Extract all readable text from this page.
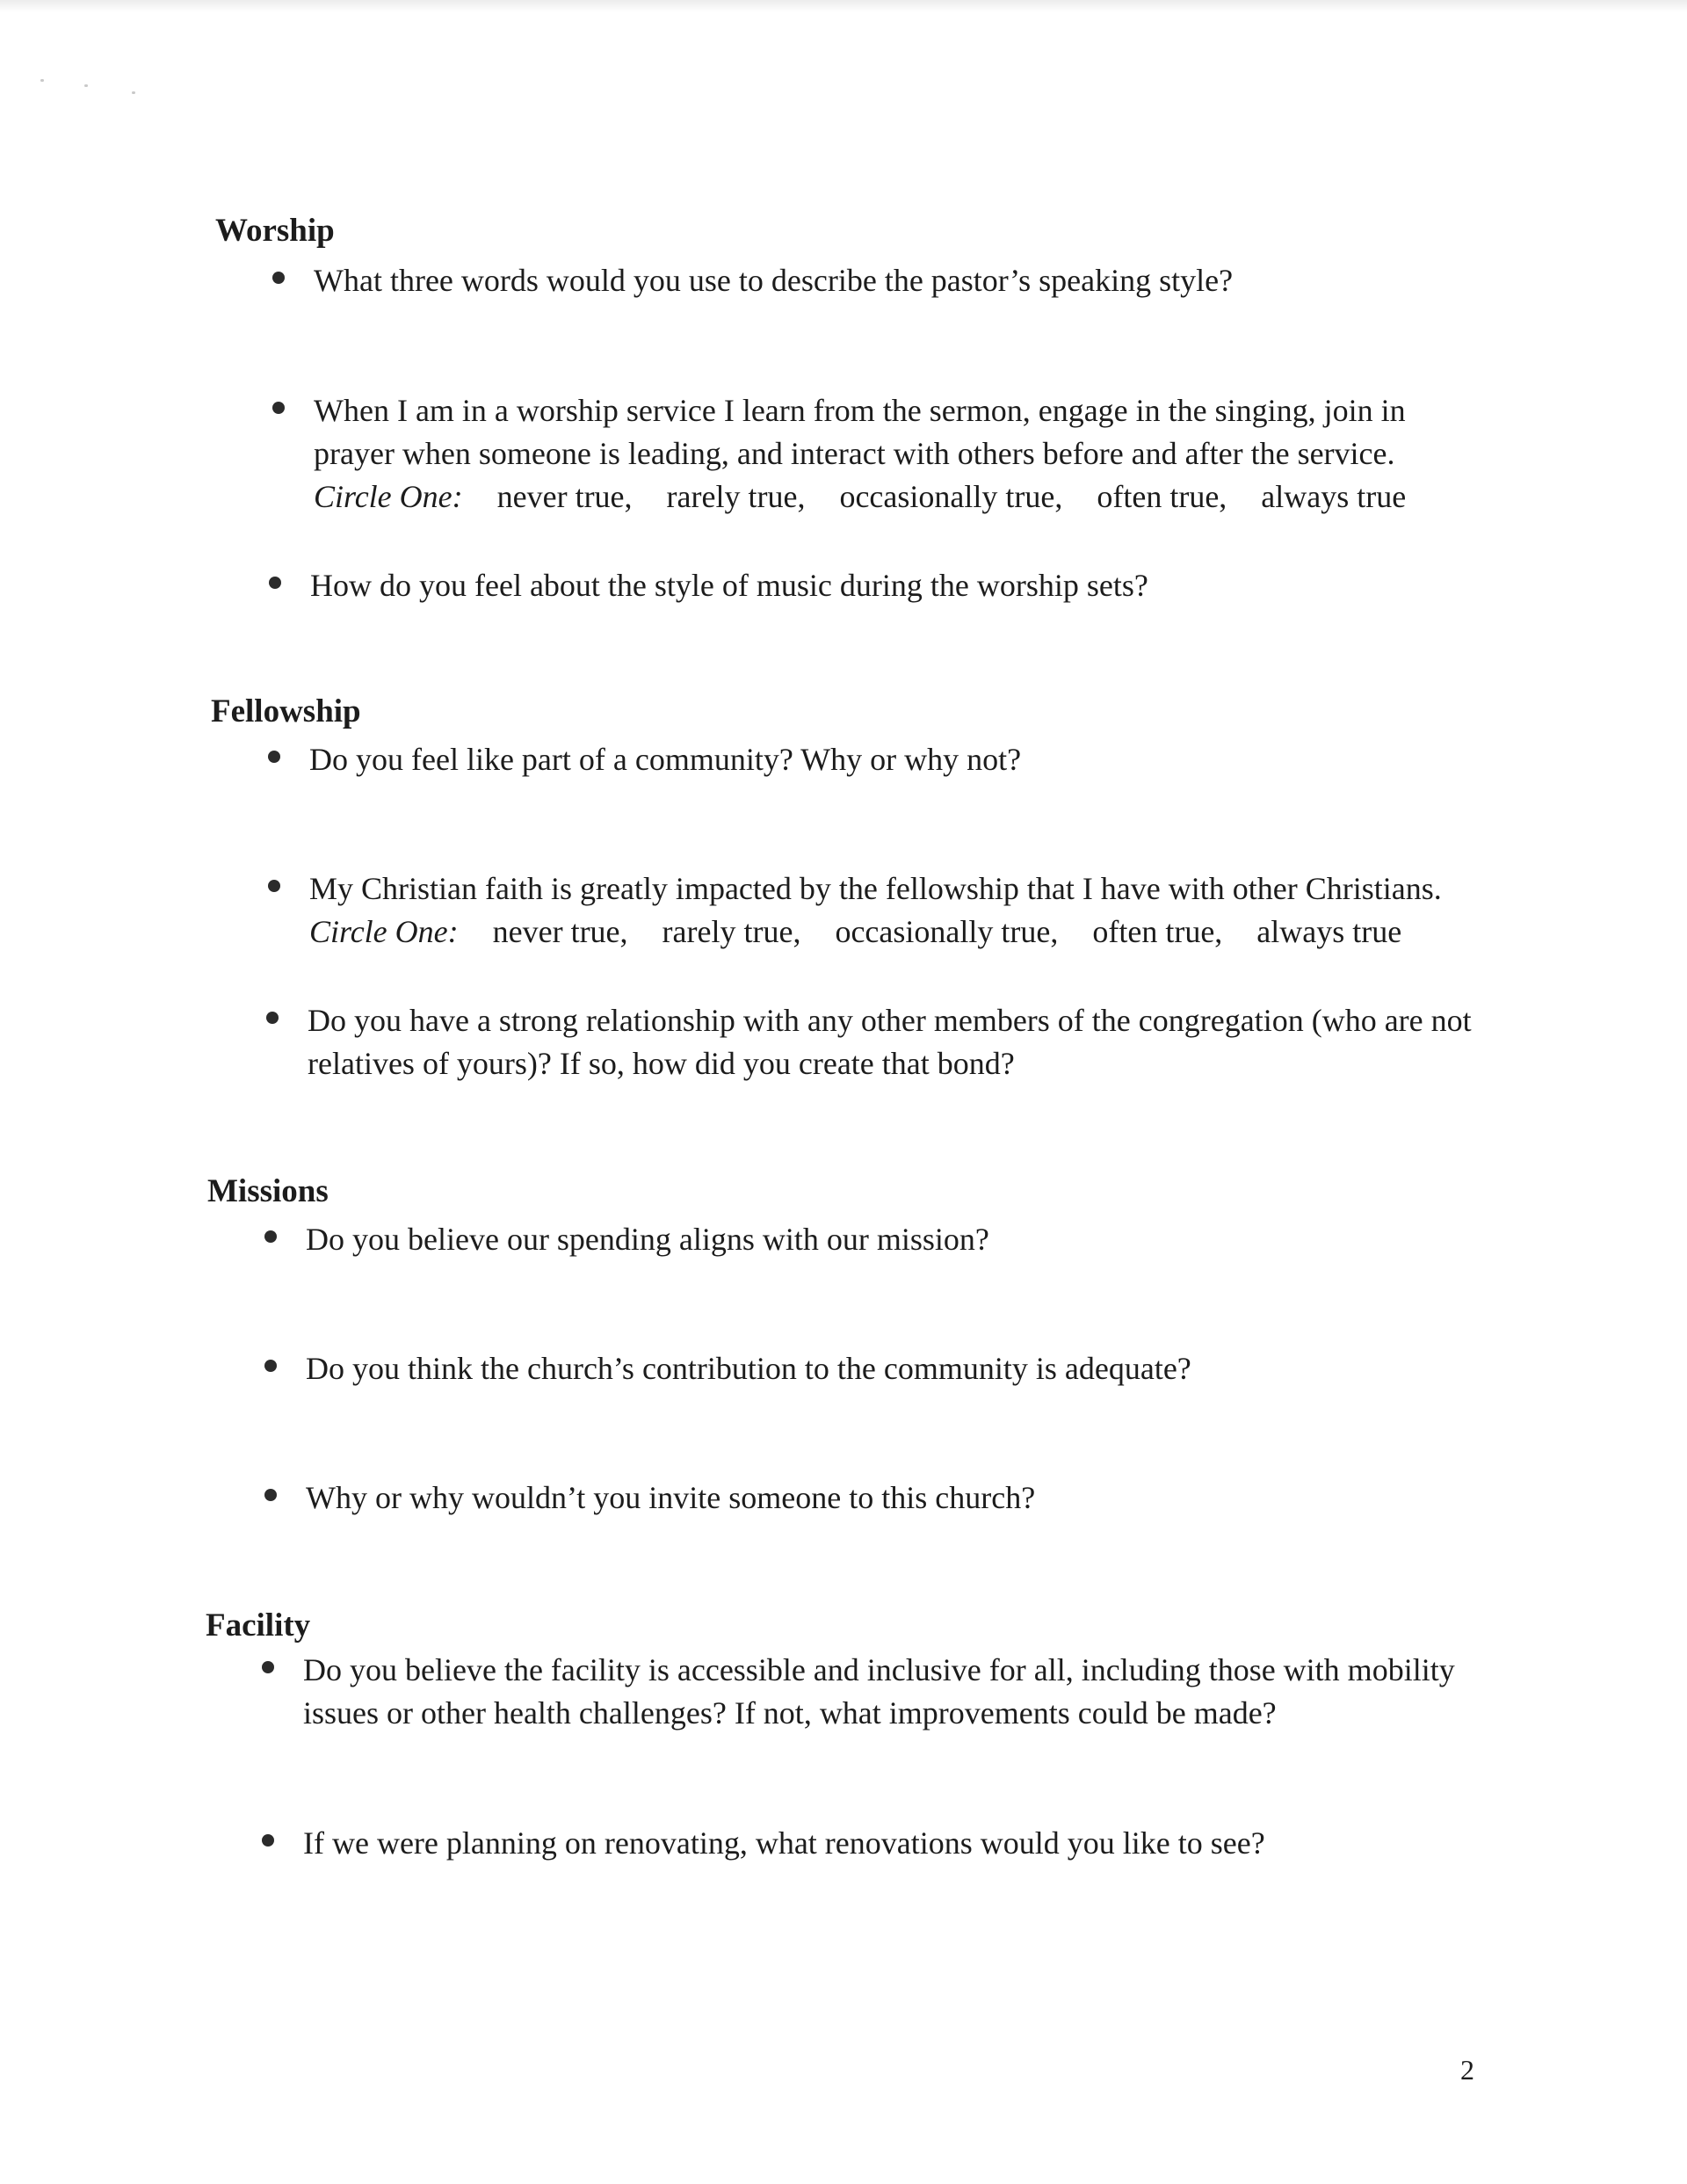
Worship
What three words would you use to describe the pastor’s speaking style?
When I am in a worship service I learn from the sermon, engage in the singing, join in prayer when someone is leading, and interact with others before and after the service.
Circle One: never true, rarely true, occasionally true, often true, always true
How do you feel about the style of music during the worship sets?
Fellowship
Do you feel like part of a community? Why or why not?
My Christian faith is greatly impacted by the fellowship that I have with other Christians.
Circle One: never true, rarely true, occasionally true, often true, always true
Do you have a strong relationship with any other members of the congregation (who are not relatives of yours)? If so, how did you create that bond?
Missions
Do you believe our spending aligns with our mission?
Do you think the church’s contribution to the community is adequate?
Why or why wouldn’t you invite someone to this church?
Facility
Do you believe the facility is accessible and inclusive for all, including those with mobility issues or other health challenges? If not, what improvements could be made?
If we were planning on renovating, what renovations would you like to see?
2
